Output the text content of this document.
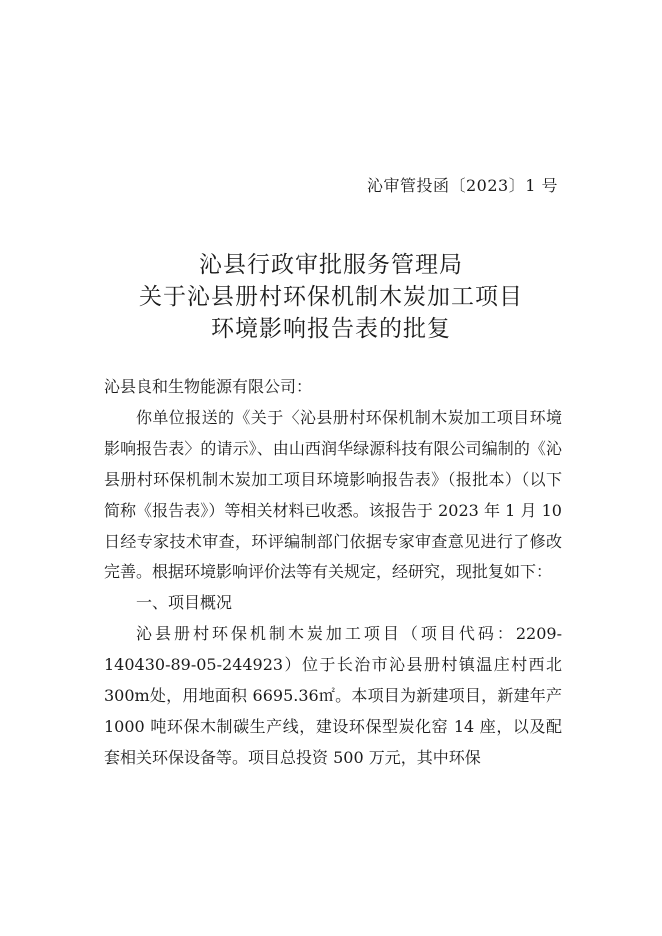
沁审管投函〔2023〕1 号
沁县行政审批服务管理局
关于沁县册村环保机制木炭加工项目
环境影响报告表的批复

沁县良和生物能源有限公司：

你单位报送的《关于〈沁县册村环保机制木炭加工项目环境影响报告表〉的请示》、由山西润华绿源科技有限公司编制的《沁县册村环保机制木炭加工项目环境影响报告表》（报批本）（以下简称《报告表》）等相关材料已收悉。该报告于 2023 年 1 月 10 日经专家技术审查，环评编制部门依据专家审查意见进行了修改完善。根据环境影响评价法等有关规定，经研究，现批复如下：

一、项目概况

沁县册村环保机制木炭加工项目（项目代码：2209-140430-89-05-244923）位于长治市沁县册村镇温庄村西北 300m处，用地面积 6695.36㎡。本项目为新建项目，新建年产 1000 吨环保木制碳生产线，建设环保型炭化窑 14 座，以及配套相关环保设备等。项目总投资 500 万元，其中环保
